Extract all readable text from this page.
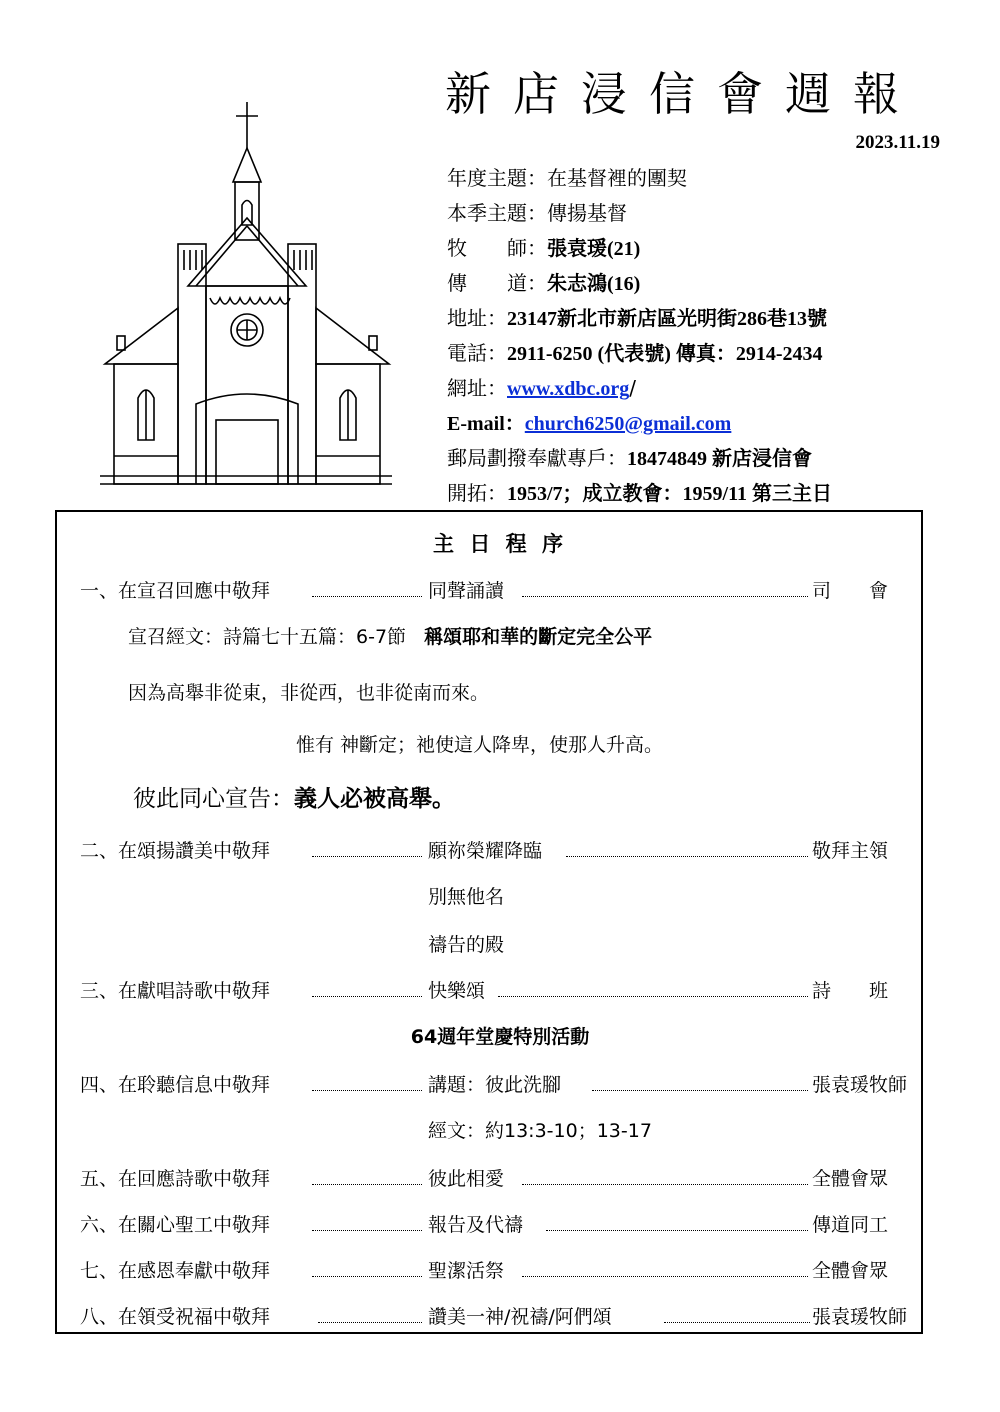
新店浸信會週報
2023.11.19
年度主題：在基督裡的團契
本季主題：傳揚基督
牧　　師：張袁瑗(21)
傳　　道：朱志鴻(16)
地址：23147新北市新店區光明街286巷13號
電話：2911-6250 (代表號) 傳真：2914-2434
網址：www.xdbc.org/
E-mail：church6250@gmail.com
郵局劃撥奉獻專戶：18474849 新店浸信會
開拓：1953/7；成立教會：1959/11 第三主日
主 日 程 序
一、在宣召回應中敬拜	同聲誦讀	司　　會
宣召經文：詩篇七十五篇：6-7節 稱頌耶和華的斷定完全公平
因為高舉非從東，非從西，也非從南而來。
惟有 神斷定；祂使這人降卑，使那人升高。
彼此同心宣告：義人必被高舉。
二、在頌揚讚美中敬拜	願祢榮耀降臨	敬拜主領
別無他名
禱告的殿
三、在獻唱詩歌中敬拜	快樂頌	詩　　班
64週年堂慶特別活動
四、在聆聽信息中敬拜	講題：彼此洗腳	張袁瑗牧師
經文：約13:3-10；13-17
五、在回應詩歌中敬拜	彼此相愛	全體會眾
六、在關心聖工中敬拜	報告及代禱	傳道同工
七、在感恩奉獻中敬拜	聖潔活祭	全體會眾
八、在領受祝福中敬拜	讚美一神/祝禱/阿們頌	張袁瑗牧師
